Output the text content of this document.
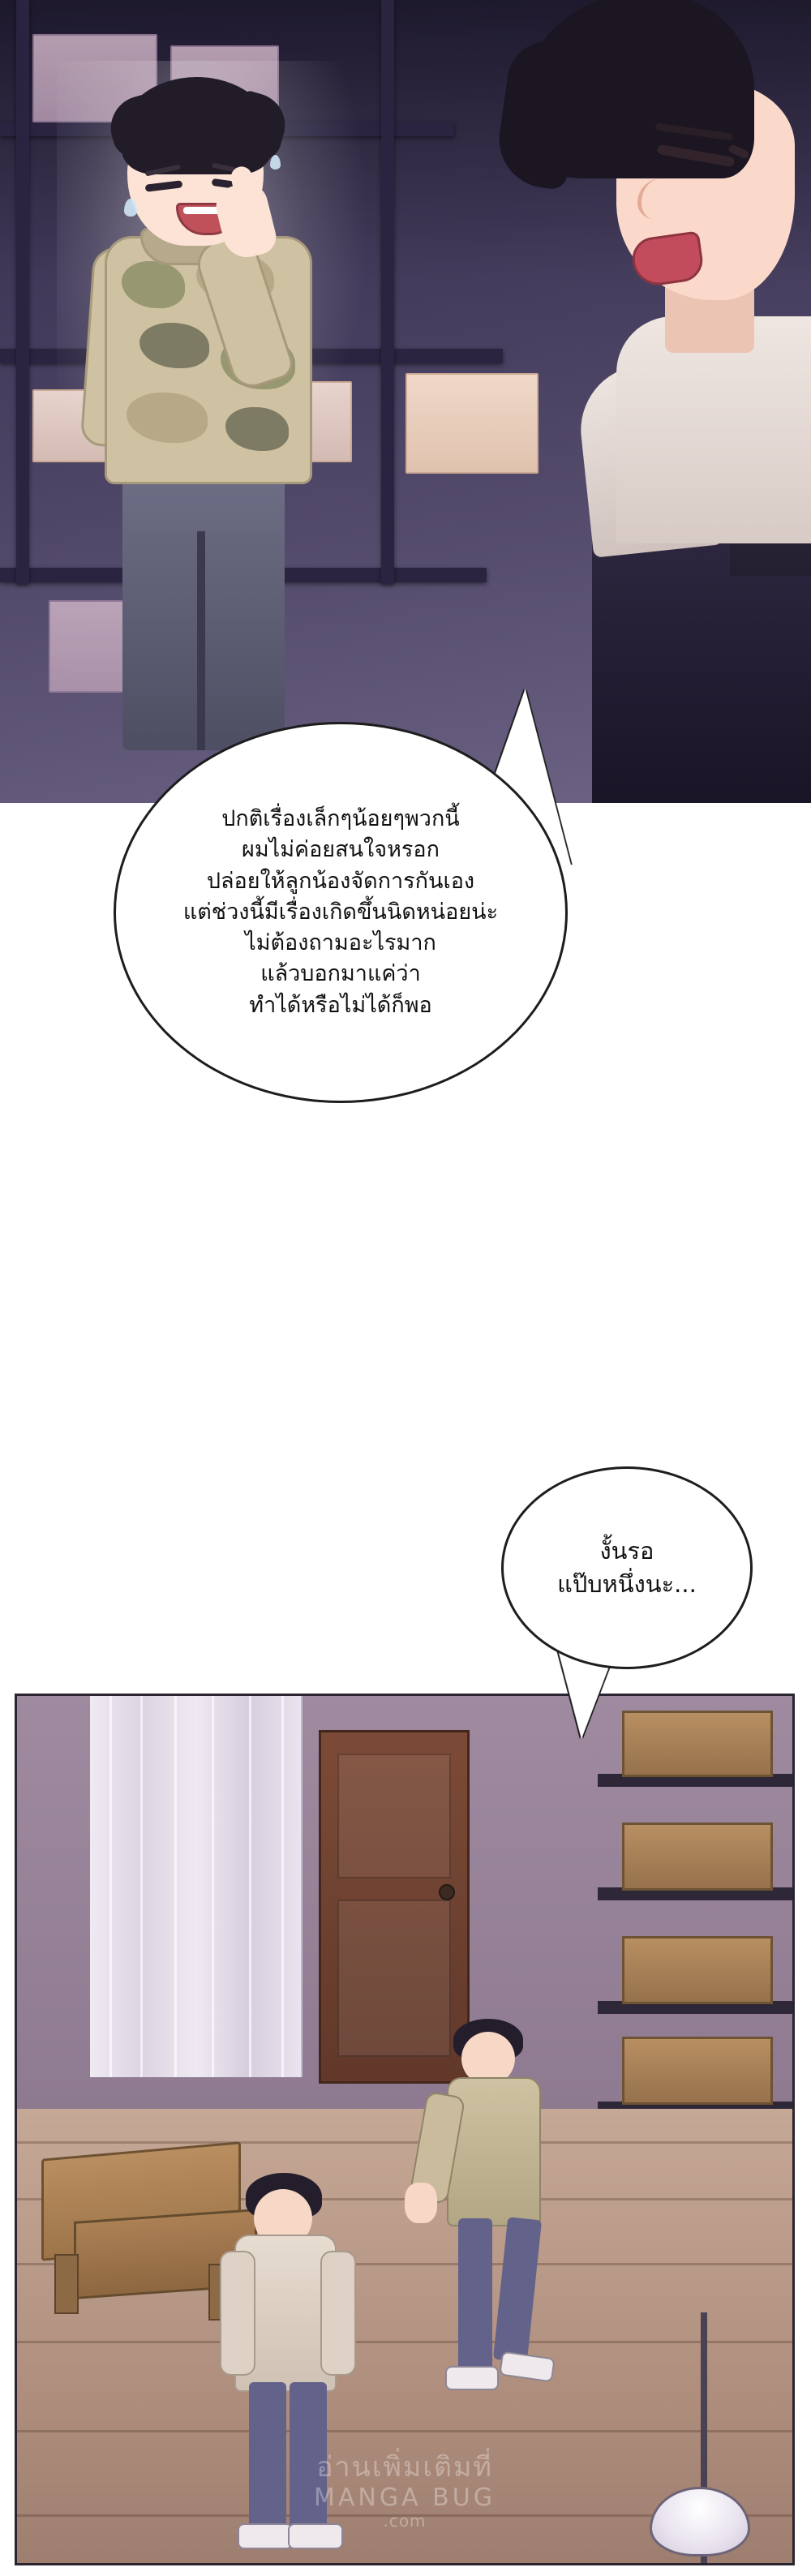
ปกติเรื่องเล็กๆน้อยๆพวกนี้
ผมไม่ค่อยสนใจหรอก
ปล่อยให้ลูกน้องจัดการกันเอง
แต่ช่วงนี้มีเรื่องเกิดขึ้นนิดหน่อยน่ะ
ไม่ต้องถามอะไรมาก
แล้วบอกมาแค่ว่า
ทำได้หรือไม่ได้ก็พอ

งั้นรอ
แป๊บหนึ่งนะ...

อ่านเพิ่มเติมที่
MANGA BUG
.com
